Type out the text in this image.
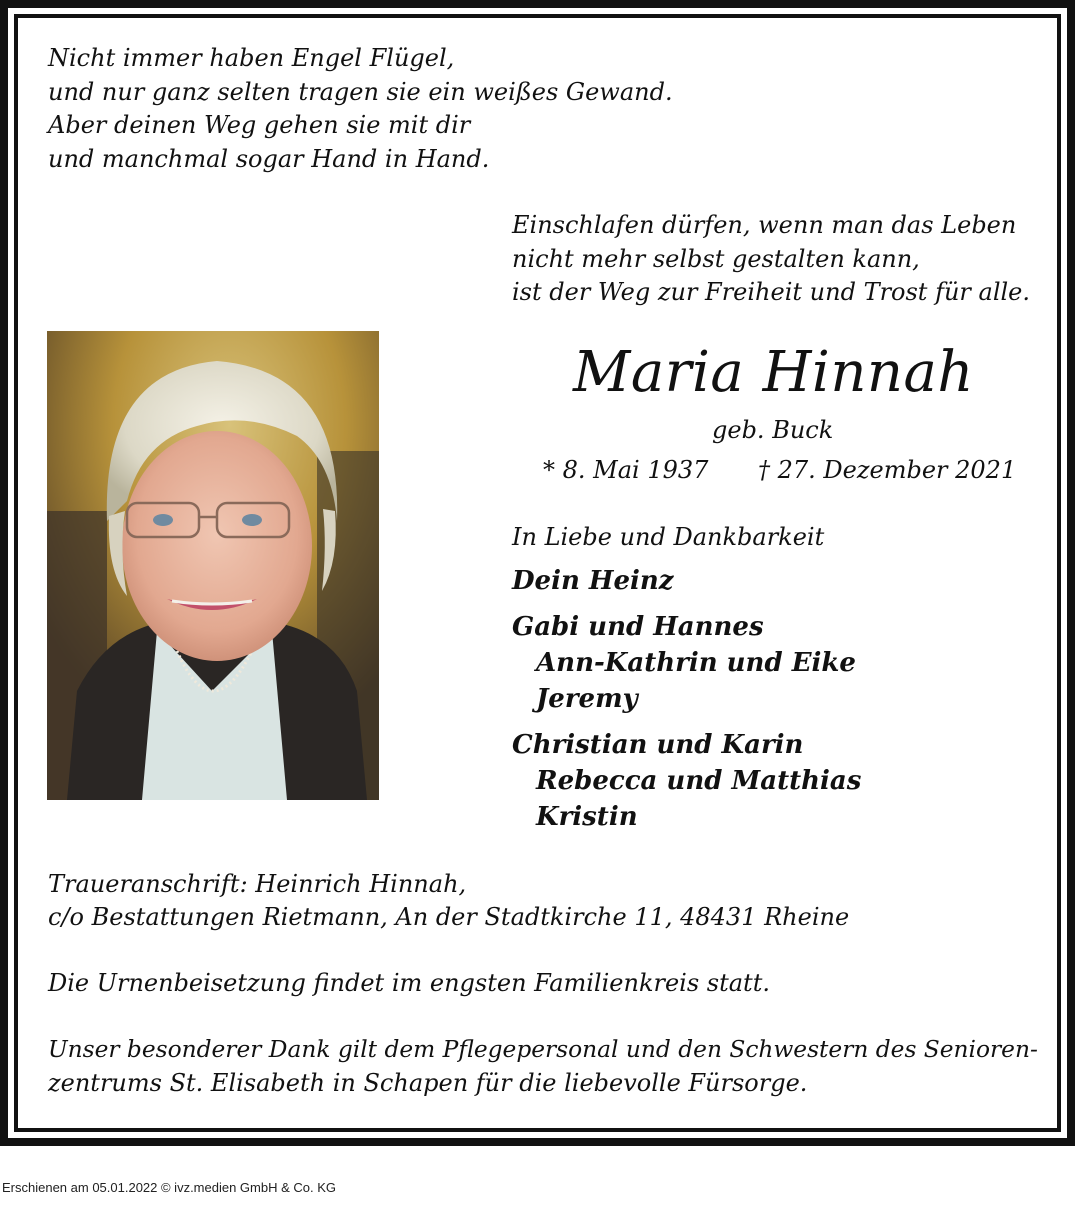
Nicht immer haben Engel Flügel,
und nur ganz selten tragen sie ein weißes Gewand.
Aber deinen Weg gehen sie mit dir
und manchmal sogar Hand in Hand.
Einschlafen dürfen, wenn man das Leben
nicht mehr selbst gestalten kann,
ist der Weg zur Freiheit und Trost für alle.
Maria Hinnah
geb. Buck
* 8. Mai 1937 † 27. Dezember 2021
In Liebe und Dankbarkeit
Dein Heinz
Gabi und Hannes
Ann-Kathrin und Eike
Jeremy
Christian und Karin
Rebecca und Matthias
Kristin
Traueranschrift: Heinrich Hinnah,
c/o Bestattungen Rietmann, An der Stadtkirche 11, 48431 Rheine
Die Urnenbeisetzung findet im engsten Familienkreis statt.
Unser besonderer Dank gilt dem Pflegepersonal und den Schwestern des Senioren-
zentrums St. Elisabeth in Schapen für die liebevolle Fürsorge.
Erschienen am 05.01.2022 © ivz.medien GmbH & Co. KG
